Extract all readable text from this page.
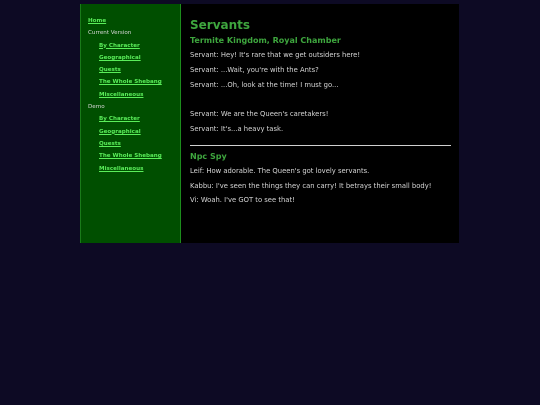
Home
Current Version
By Character
Geographical
Quests
The Whole Shebang
Miscellaneous
Demo
By Character
Geographical
Quests
The Whole Shebang
Miscellaneous
Servants
Termite Kingdom, Royal Chamber
Servant: Hey! It's rare that we get outsiders here!
Servant: ...Wait, you're with the Ants?
Servant: ...Oh, look at the time! I must go...
Servant: We are the Queen's caretakers!
Servant: It's...a heavy task.
Npc Spy
Leif: How adorable. The Queen's got lovely servants.
Kabbu: I've seen the things they can carry! It betrays their small body!
Vi: Woah. I've GOT to see that!
